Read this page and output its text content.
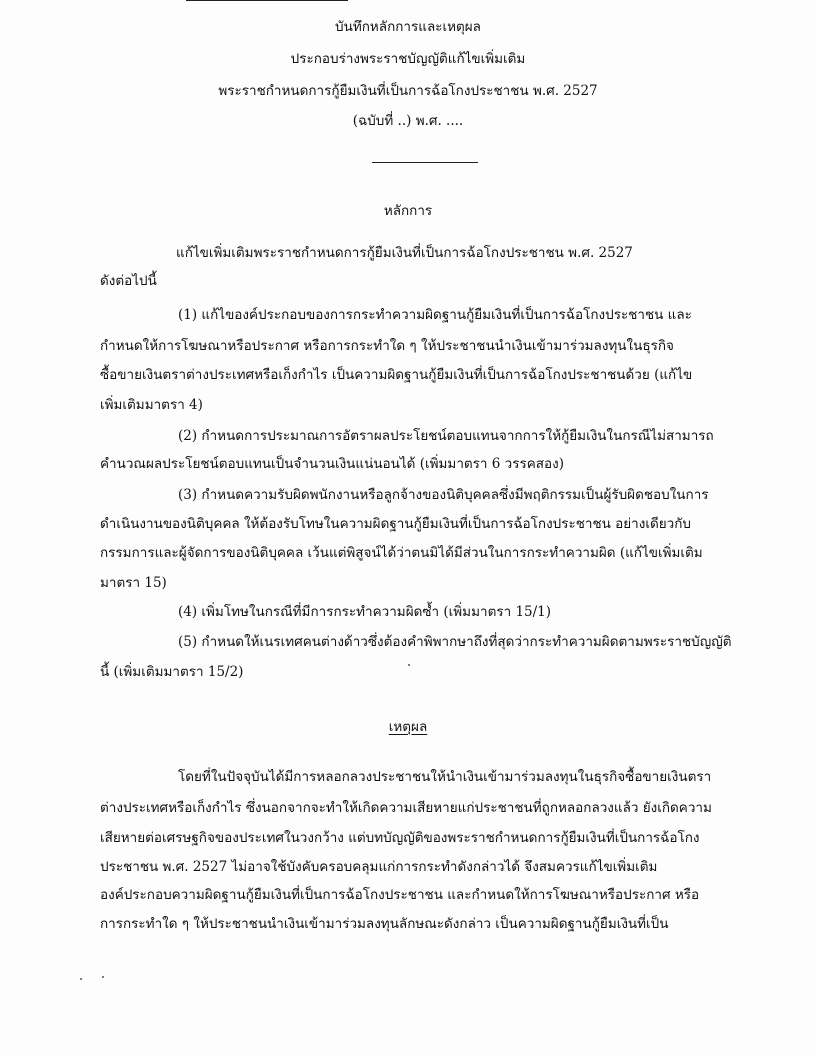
บันทึกหลักการและเหตุผล
ประกอบร่างพระราชบัญญัติแก้ไขเพิ่มเติม
พระราชกำหนดการกู้ยืมเงินที่เป็นการฉ้อโกงประชาชน พ.ศ. 2527
(ฉบับที่ ..) พ.ศ. ....
หลักการ
แก้ไขเพิ่มเติมพระราชกำหนดการกู้ยืมเงินที่เป็นการฉ้อโกงประชาชน พ.ศ. 2527
ดังต่อไปนี้
(1) แก้ไของค์ประกอบของการกระทำความผิดฐานกู้ยืมเงินที่เป็นการฉ้อโกงประชาชน และ
กำหนดให้การโฆษณาหรือประกาศ หรือการกระทำใด ๆ ให้ประชาชนนำเงินเข้ามาร่วมลงทุนในธุรกิจ
ซื้อขายเงินตราต่างประเทศหรือเก็งกำไร เป็นความผิดฐานกู้ยืมเงินที่เป็นการฉ้อโกงประชาชนด้วย (แก้ไข
เพิ่มเติมมาตรา 4)
(2) กำหนดการประมาณการอัตราผลประโยชน์ตอบแทนจากการให้กู้ยืมเงินในกรณีไม่สามารถ
คำนวณผลประโยชน์ตอบแทนเป็นจำนวนเงินแน่นอนได้ (เพิ่มมาตรา 6 วรรคสอง)
(3) กำหนดความรับผิดพนักงานหรือลูกจ้างของนิติบุคคลซึ่งมีพฤติกรรมเป็นผู้รับผิดชอบในการ
ดำเนินงานของนิติบุคคล ให้ต้องรับโทษในความผิดฐานกู้ยืมเงินที่เป็นการฉ้อโกงประชาชน อย่างเดียวกับ
กรรมการและผู้จัดการของนิติบุคคล เว้นแต่พิสูจน์ได้ว่าตนมิได้มีส่วนในการกระทำความผิด (แก้ไขเพิ่มเติม
มาตรา 15)
(4) เพิ่มโทษในกรณีที่มีการกระทำความผิดซ้ำ (เพิ่มมาตรา 15/1)
(5) กำหนดให้เนรเทศคนต่างด้าวซึ่งต้องคำพิพากษาถึงที่สุดว่ากระทำความผิดตามพระราชบัญญัติ
นี้ (เพิ่มเติมมาตรา 15/2)
เหตุผล
โดยที่ในปัจจุบันได้มีการหลอกลวงประชาชนให้นำเงินเข้ามาร่วมลงทุนในธุรกิจซื้อขายเงินตรา
ต่างประเทศหรือเก็งกำไร ซึ่งนอกจากจะทำให้เกิดความเสียหายแก่ประชาชนที่ถูกหลอกลวงแล้ว ยังเกิดความ
เสียหายต่อเศรษฐกิจของประเทศในวงกว้าง แต่บทบัญญัติของพระราชกำหนดการกู้ยืมเงินที่เป็นการฉ้อโกง
ประชาชน พ.ศ. 2527 ไม่อาจใช้บังคับครอบคลุมแก่การกระทำดังกล่าวได้ จึงสมควรแก้ไขเพิ่มเติม
องค์ประกอบความผิดฐานกู้ยืมเงินที่เป็นการฉ้อโกงประชาชน และกำหนดให้การโฆษณาหรือประกาศ หรือ
การกระทำใด ๆ ให้ประชาชนนำเงินเข้ามาร่วมลงทุนลักษณะดังกล่าว เป็นความผิดฐานกู้ยืมเงินที่เป็น
